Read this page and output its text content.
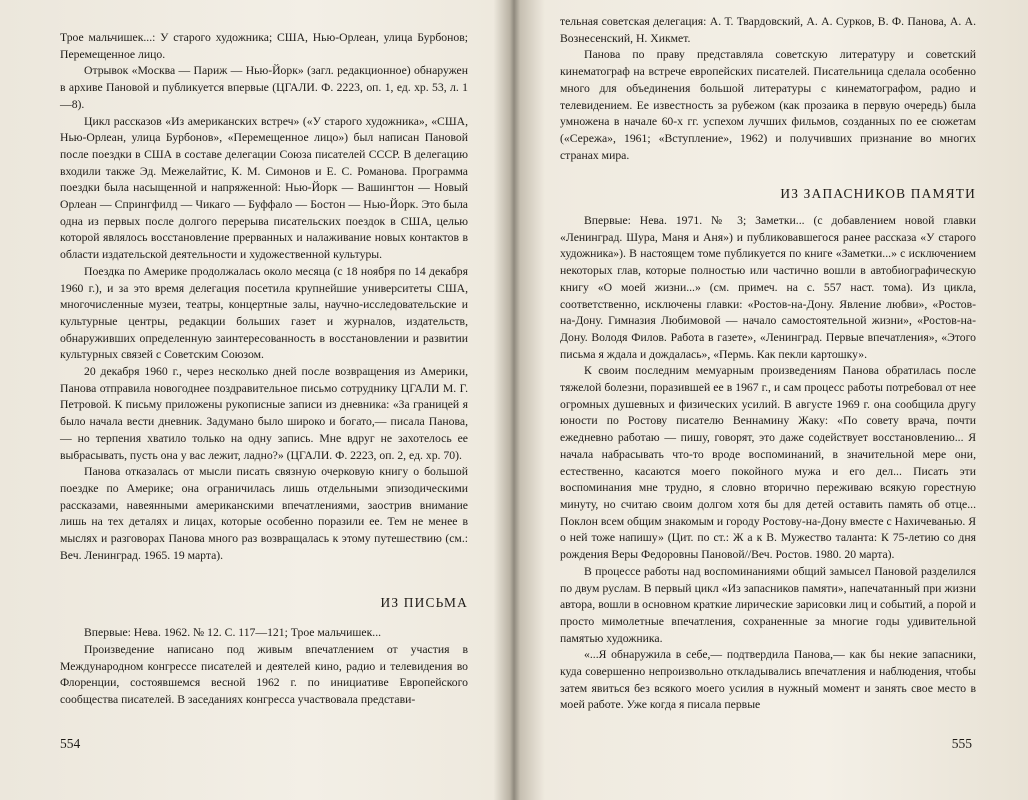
Трое мальчишек...: У старого художника; США, Нью-Орлеан, улица Бурбонов; Перемещенное лицо.

Отрывок «Москва — Париж — Нью-Йорк» (загл. редакционное) обнаружен в архиве Пановой и публикуется впервые (ЦГАЛИ. Ф. 2223, оп. 1, ед. хр. 53, л. 1—8).

Цикл рассказов «Из американских встреч» («У старого художника», «США, Нью-Орлеан, улица Бурбонов», «Перемещенное лицо») был написан Пановой после поездки в США в составе делегации Союза писателей СССР. В делегацию входили также Эд. Межелайтис, К. М. Симонов и Е. С. Романова. Программа поездки была насыщенной и напряженной: Нью-Йорк — Вашингтон — Новый Орлеан — Спрингфилд — Чикаго — Буффало — Бостон — Нью-Йорк. Это была одна из первых после долгого перерыва писательских поездок в США, целью которой являлось восстановление прерванных и налаживание новых контактов в области издательской деятельности и художественной культуры.

Поездка по Америке продолжалась около месяца (с 18 ноября по 14 декабря 1960 г.), и за это время делегация посетила крупнейшие университеты США, многочисленные музеи, театры, концертные залы, научно-исследовательские и культурные центры, редакции больших газет и журналов, издательств, обнаруживших определенную заинтересованность в восстановлении и развитии культурных связей с Советским Союзом.

20 декабря 1960 г., через несколько дней после возвращения из Америки, Панова отправила новогоднее поздравительное письмо сотруднику ЦГАЛИ М. Г. Петровой. К письму приложены рукописные записи из дневника: «За границей я было начала вести дневник. Задумано было широко и богато,— писала Панова,— но терпения хватило только на одну запись. Мне вдруг не захотелось ее выбрасывать, пусть она у вас лежит, ладно?» (ЦГАЛИ. Ф. 2223, оп. 2, ед. хр. 70).

Панова отказалась от мысли писать связную очерковую книгу о большой поездке по Америке; она ограничилась лишь отдельными эпизодическими рассказами, навеянными американскими впечатлениями, заострив внимание лишь на тех деталях и лицах, которые особенно поразили ее. Тем не менее в мыслях и разговорах Панова много раз возвращалась к этому путешествию (см.: Веч. Ленинград. 1965. 19 марта).

ИЗ ПИСЬМА

Впервые: Нева. 1962. № 12. С. 117—121; Трое мальчишек...

Произведение написано под живым впечатлением от участия в Международном конгрессе писателей и деятелей кино, радио и телевидения во Флоренции, состоявшемся весной 1962 г. по инициативе Европейского сообщества писателей. В заседаниях конгресса участвовала представи-

554

тельная советская делегация: А. Т. Твардовский, А. А. Сурков, В. Ф. Панова, А. А. Вознесенский, Н. Хикмет.

Панова по праву представляла советскую литературу и советский кинематограф на встрече европейских писателей. Писательница сделала особенно много для объединения большой литературы с кинематографом, радио и телевидением. Ее известность за рубежом (как прозаика в первую очередь) была умножена в начале 60-х гг. успехом лучших фильмов, созданных по ее сюжетам («Сережа», 1961; «Вступление», 1962) и получивших признание во многих странах мира.

ИЗ ЗАПАСНИКОВ ПАМЯТИ

Впервые: Нева. 1971. № 3; Заметки... (с добавлением новой главки «Ленинград. Шура, Маня и Аня») и публиковавшегося ранее рассказа «У старого художника»). В настоящем томе публикуется по книге «Заметки...» с исключением некоторых глав, которые полностью или частично вошли в автобиографическую книгу «О моей жизни...» (см. примеч. на с. 557 наст. тома). Из цикла, соответственно, исключены главки: «Ростов-на-Дону. Явление любви», «Ростов-на-Дону. Гимназия Любимовой — начало самостоятельной жизни», «Ростов-на-Дону. Володя Филов. Работа в газете», «Ленинград. Первые впечатления», «Этого письма я ждала и дождалась», «Пермь. Как пекли картошку».

К своим последним мемуарным произведениям Панова обратилась после тяжелой болезни, поразившей ее в 1967 г., и сам процесс работы потребовал от нее огромных душевных и физических усилий. В августе 1969 г. она сообщила другу юности по Ростову писателю Веннамину Жаку: «По совету врача, почти ежедневно работаю — пишу, говорят, это даже содействует восстановлению... Я начала набрасывать что-то вроде воспоминаний, в значительной мере они, естественно, касаются моего покойного мужа и его дел... Писать эти воспоминания мне трудно, я словно вторично переживаю всякую горестную минуту, но считаю своим долгом хотя бы для детей оставить память об отце... Поклон всем общим знакомым и городу Ростову-на-Дону вместе с Нахичеванью. Я о ней тоже напишу» (Цит. по ст.: Ж а к В. Мужество таланта: К 75-летию со дня рождения Веры Федоровны Пановой//Веч. Ростов. 1980. 20 марта).

В процессе работы над воспоминаниями общий замысел Пановой разделился по двум руслам. В первый цикл «Из запасников памяти», напечатанный при жизни автора, вошли в основном краткие лирические зарисовки лиц и событий, а порой и просто мимолетные впечатления, сохраненные за многие годы удивительной памятью художника.

«...Я обнаружила в себе,— подтвердила Панова,— как бы некие запасники, куда совершенно непроизвольно откладывались впечатления и наблюдения, чтобы затем явиться без всякого моего усилия в нужный момент и занять свое место в моей работе. Уже когда я писала первые

555
